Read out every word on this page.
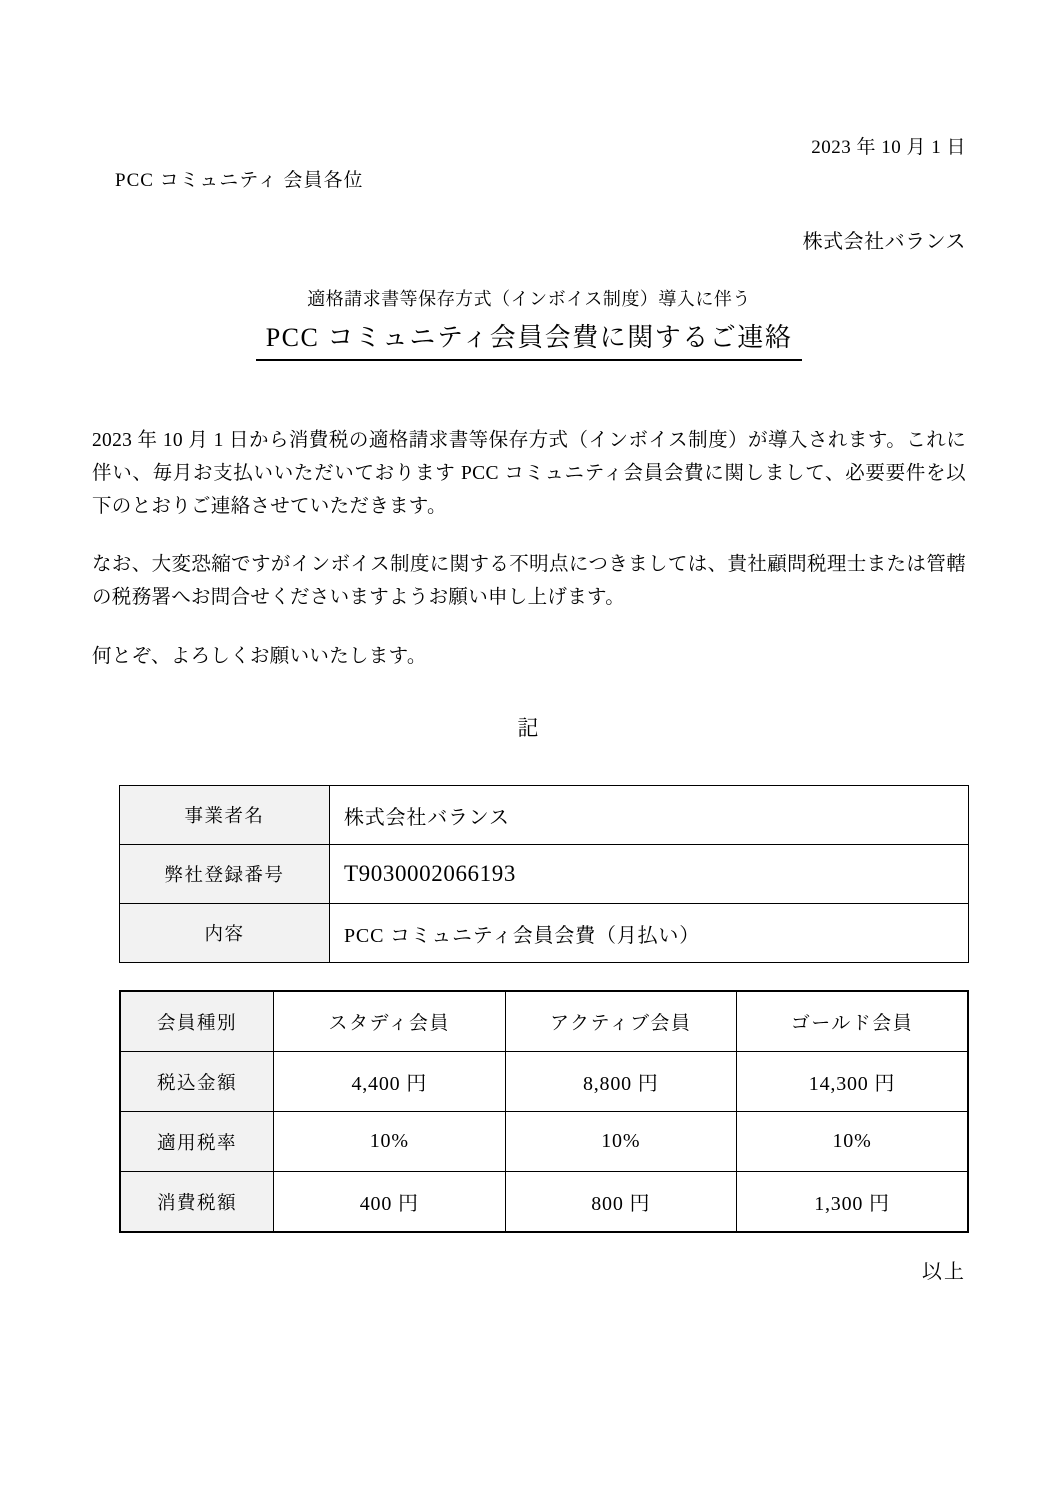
2023 年 10 月 1 日
PCC コミュニティ 会員各位
株式会社バランス
適格請求書等保存方式（インボイス制度）導入に伴う
PCC コミュニティ会員会費に関するご連絡

2023 年 10 月 1 日から消費税の適格請求書等保存方式（インボイス制度）が導入されます。これに伴い、毎月お支払いいただいております PCC コミュニティ会員会費に関しまして、必要要件を以下のとおりご連絡させていただきます。

なお、大変恐縮ですがインボイス制度に関する不明点につきましては、貴社顧問税理士または管轄の税務署へお問合せくださいますようお願い申し上げます。

何とぞ、よろしくお願いいたします。

記
事業者名	株式会社バランス
弊社登録番号	T9030002066193
内容	PCC コミュニティ会員会費（月払い）
会員種別	スタディ会員	アクティブ会員	ゴールド会員
税込金額	4,400 円	8,800 円	14,300 円
適用税率	10%	10%	10%
消費税額	400 円	800 円	1,300 円
以上
